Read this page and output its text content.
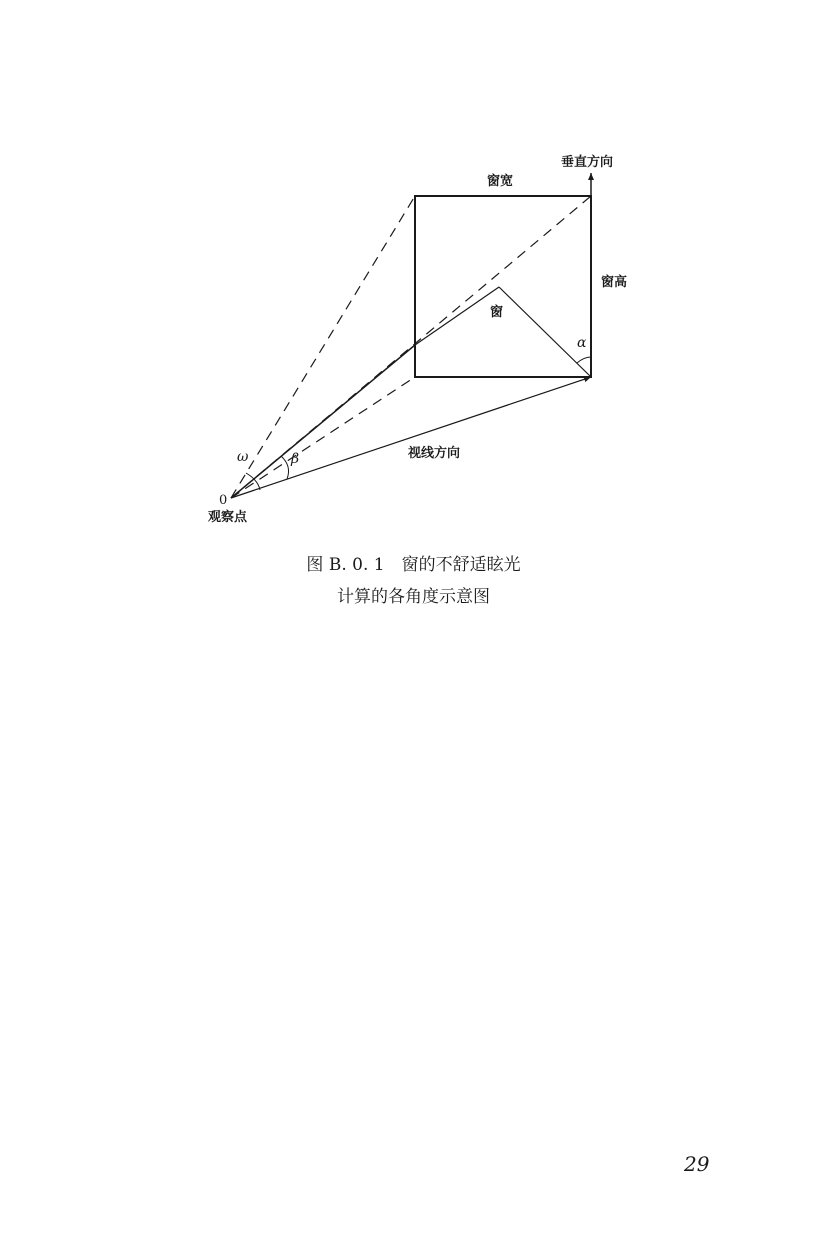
垂直方向
窗宽
窗高
窗
α
β
ω	视线方向
0
观察点
图 B. 0. 1　窗的不舒适眩光
计算的各角度示意图
29
